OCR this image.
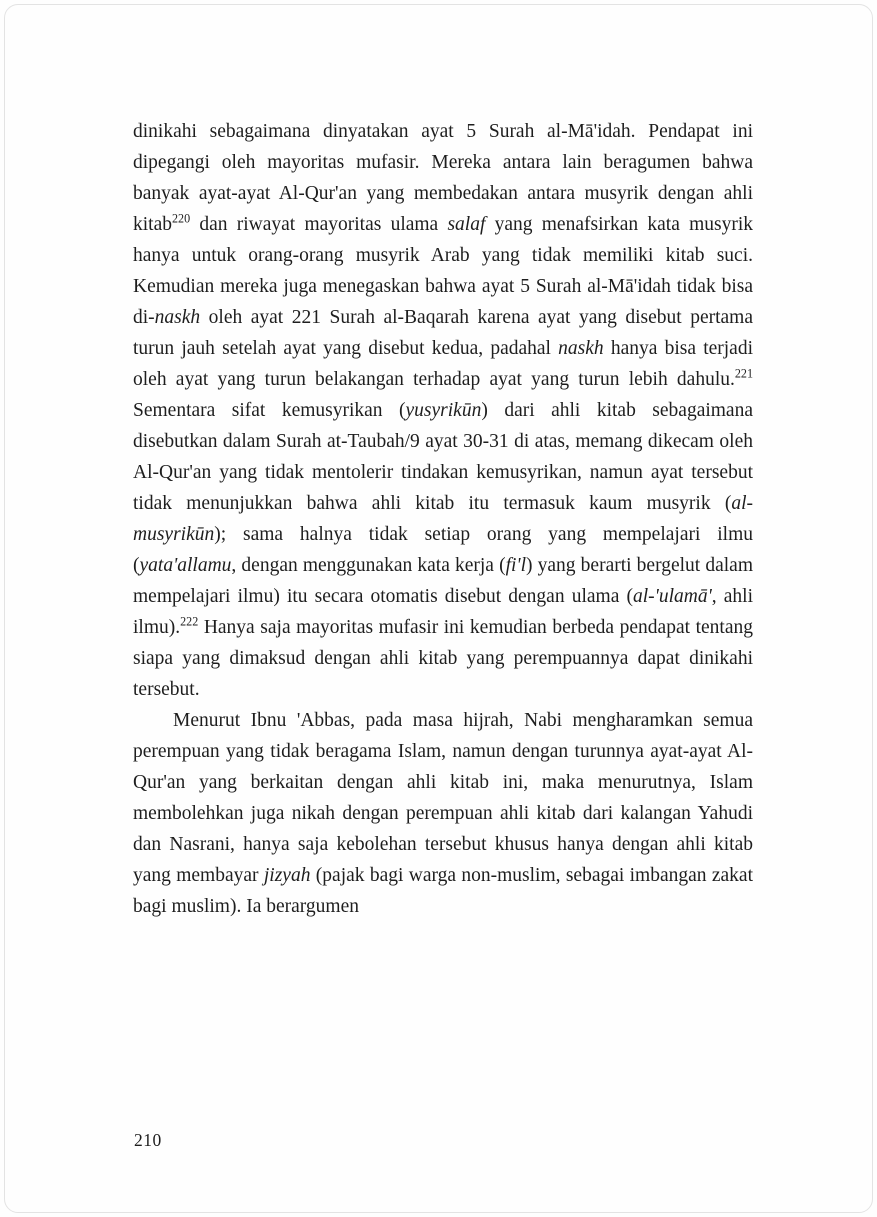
dinikahi sebagaimana dinyatakan ayat 5 Surah al-Mā'idah. Pendapat ini dipegangi oleh mayoritas mufasir. Mereka antara lain beragumen bahwa banyak ayat-ayat Al-Qur'an yang membedakan antara musyrik dengan ahli kitab$^{220}$ dan riwayat mayoritas ulama salaf yang menafsirkan kata musyrik hanya untuk orang-orang musyrik Arab yang tidak memiliki kitab suci. Kemudian mereka juga menegaskan bahwa ayat 5 Surah al-Mā'idah tidak bisa di-naskh oleh ayat 221 Surah al-Baqarah karena ayat yang disebut pertama turun jauh setelah ayat yang disebut kedua, padahal naskh hanya bisa terjadi oleh ayat yang turun belakangan terhadap ayat yang turun lebih dahulu.$^{221}$ Sementara sifat kemusyrikan (yusyrikūn) dari ahli kitab sebagaimana disebutkan dalam Surah at-Taubah/9 ayat 30-31 di atas, memang dikecam oleh Al-Qur'an yang tidak mentolerir tindakan kemusyrikan, namun ayat tersebut tidak menunjukkan bahwa ahli kitab itu termasuk kaum musyrik (al-musyrikūn); sama halnya tidak setiap orang yang mempelajari ilmu (yata'allamu, dengan menggunakan kata kerja (fi'l) yang berarti bergelut dalam mempelajari ilmu) itu secara otomatis disebut dengan ulama (al-'ulamā', ahli ilmu).$^{222}$ Hanya saja mayoritas mufasir ini kemudian berbeda pendapat tentang siapa yang dimaksud dengan ahli kitab yang perempuannya dapat dinikahi tersebut.

Menurut Ibnu 'Abbas, pada masa hijrah, Nabi mengharamkan semua perempuan yang tidak beragama Islam, namun dengan turunnya ayat-ayat Al-Qur'an yang berkaitan dengan ahli kitab ini, maka menurutnya, Islam membolehkan juga nikah dengan perempuan ahli kitab dari kalangan Yahudi dan Nasrani, hanya saja kebolehan tersebut khusus hanya dengan ahli kitab yang membayar jizyah (pajak bagi warga non-muslim, sebagai imbangan zakat bagi muslim). Ia berargumen

210
